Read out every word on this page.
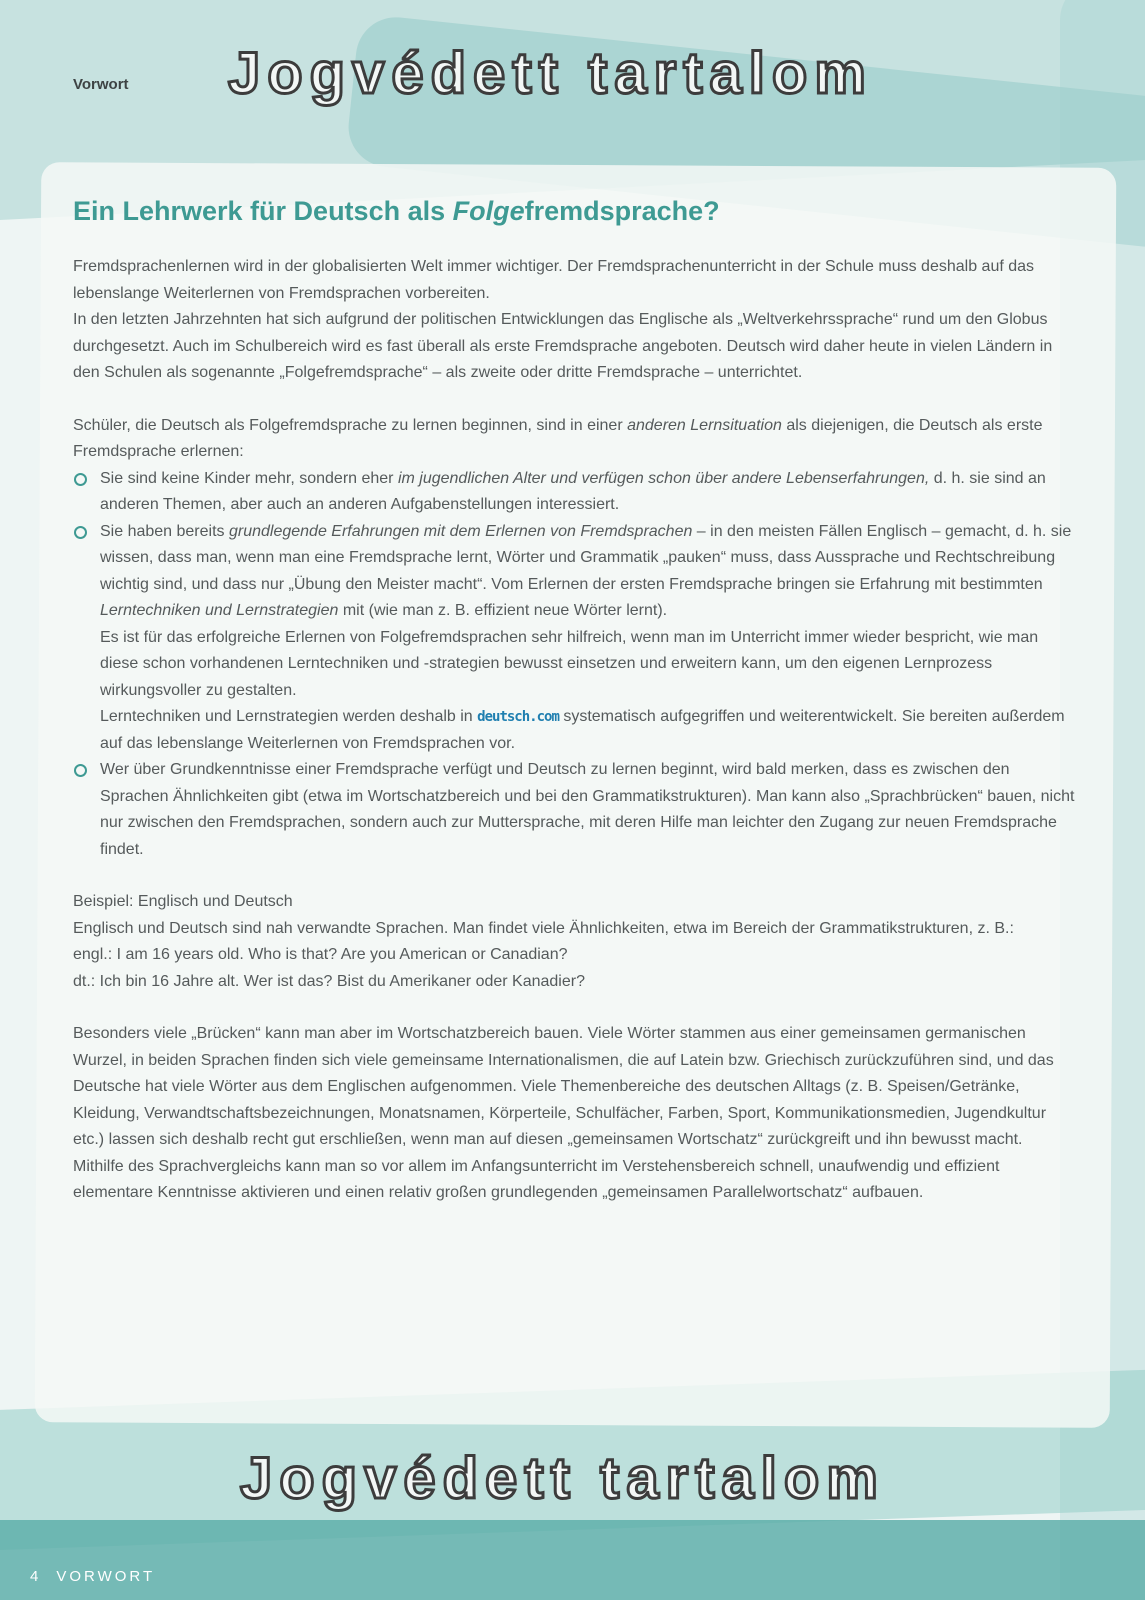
Vorwort Jogvédett tartalom
Ein Lehrwerk für Deutsch als Folgefremdsprache?

Fremdsprachenlernen wird in der globalisierten Welt immer wichtiger. Der Fremdsprachenunterricht in der Schule muss deshalb auf das lebenslange Weiterlernen von Fremdsprachen vorbereiten.

In den letzten Jahrzehnten hat sich aufgrund der politischen Entwicklungen das Englische als „Weltverkehrssprache“ rund um den Globus durchgesetzt. Auch im Schulbereich wird es fast überall als erste Fremdsprache angeboten. Deutsch wird daher heute in vielen Ländern in den Schulen als sogenannte „Folgefremdsprache“ – als zweite oder dritte Fremdsprache – unterrichtet.

Schüler, die Deutsch als Folgefremdsprache zu lernen beginnen, sind in einer anderen Lernsituation als diejenigen, die Deutsch als erste Fremdsprache erlernen:

Sie sind keine Kinder mehr, sondern eher im jugendlichen Alter und verfügen schon über andere Lebenserfahrungen, d. h. sie sind an anderen Themen, aber auch an anderen Aufgabenstellungen interessiert.

Sie haben bereits grundlegende Erfahrungen mit dem Erlernen von Fremdsprachen – in den meisten Fällen Englisch – gemacht, d. h. sie wissen, dass man, wenn man eine Fremdsprache lernt, Wörter und Grammatik „pauken“ muss, dass Aussprache und Rechtschreibung wichtig sind, und dass nur „Übung den Meister macht“. Vom Erlernen der ersten Fremdsprache bringen sie Erfahrung mit bestimmten Lerntechniken und Lernstrategien mit (wie man z. B. effizient neue Wörter lernt).

Es ist für das erfolgreiche Erlernen von Folgefremdsprachen sehr hilfreich, wenn man im Unterricht immer wieder bespricht, wie man diese schon vorhandenen Lerntechniken und -strategien bewusst einsetzen und erweitern kann, um den eigenen Lernprozess wirkungsvoller zu gestalten.

Lerntechniken und Lernstrategien werden deshalb in deutsch.com systematisch aufgegriffen und weiterentwickelt. Sie bereiten außerdem auf das lebenslange Weiterlernen von Fremdsprachen vor.

Wer über Grundkenntnisse einer Fremdsprache verfügt und Deutsch zu lernen beginnt, wird bald merken, dass es zwischen den Sprachen Ähnlichkeiten gibt (etwa im Wortschatzbereich und bei den Grammatikstrukturen). Man kann also „Sprachbrücken“ bauen, nicht nur zwischen den Fremdsprachen, sondern auch zur Muttersprache, mit deren Hilfe man leichter den Zugang zur neuen Fremdsprache findet.

Beispiel: Englisch und Deutsch

Englisch und Deutsch sind nah verwandte Sprachen. Man findet viele Ähnlichkeiten, etwa im Bereich der Grammatikstrukturen, z. B.:

engl.: I am 16 years old. Who is that? Are you American or Canadian?

dt.: Ich bin 16 Jahre alt. Wer ist das? Bist du Amerikaner oder Kanadier?

Besonders viele „Brücken“ kann man aber im Wortschatzbereich bauen. Viele Wörter stammen aus einer gemeinsamen germanischen Wurzel, in beiden Sprachen finden sich viele gemeinsame Internationalismen, die auf Latein bzw. Griechisch zurückzuführen sind, und das Deutsche hat viele Wörter aus dem Englischen aufgenommen. Viele Themenbereiche des deutschen Alltags (z. B. Speisen/Getränke, Kleidung, Verwandtschaftsbezeichnungen, Monatsnamen, Körperteile, Schulfächer, Farben, Sport, Kommunikationsmedien, Jugendkultur etc.) lassen sich deshalb recht gut erschließen, wenn man auf diesen „gemeinsamen Wortschatz“ zurückgreift und ihn bewusst macht.

Mithilfe des Sprachvergleichs kann man so vor allem im Anfangsunterricht im Verstehensbereich schnell, unaufwendig und effizient elementare Kenntnisse aktivieren und einen relativ großen grundlegenden „gemeinsamen Parallelwortschatz“ aufbauen.

Jogvédett tartalom
4 VORWORT
